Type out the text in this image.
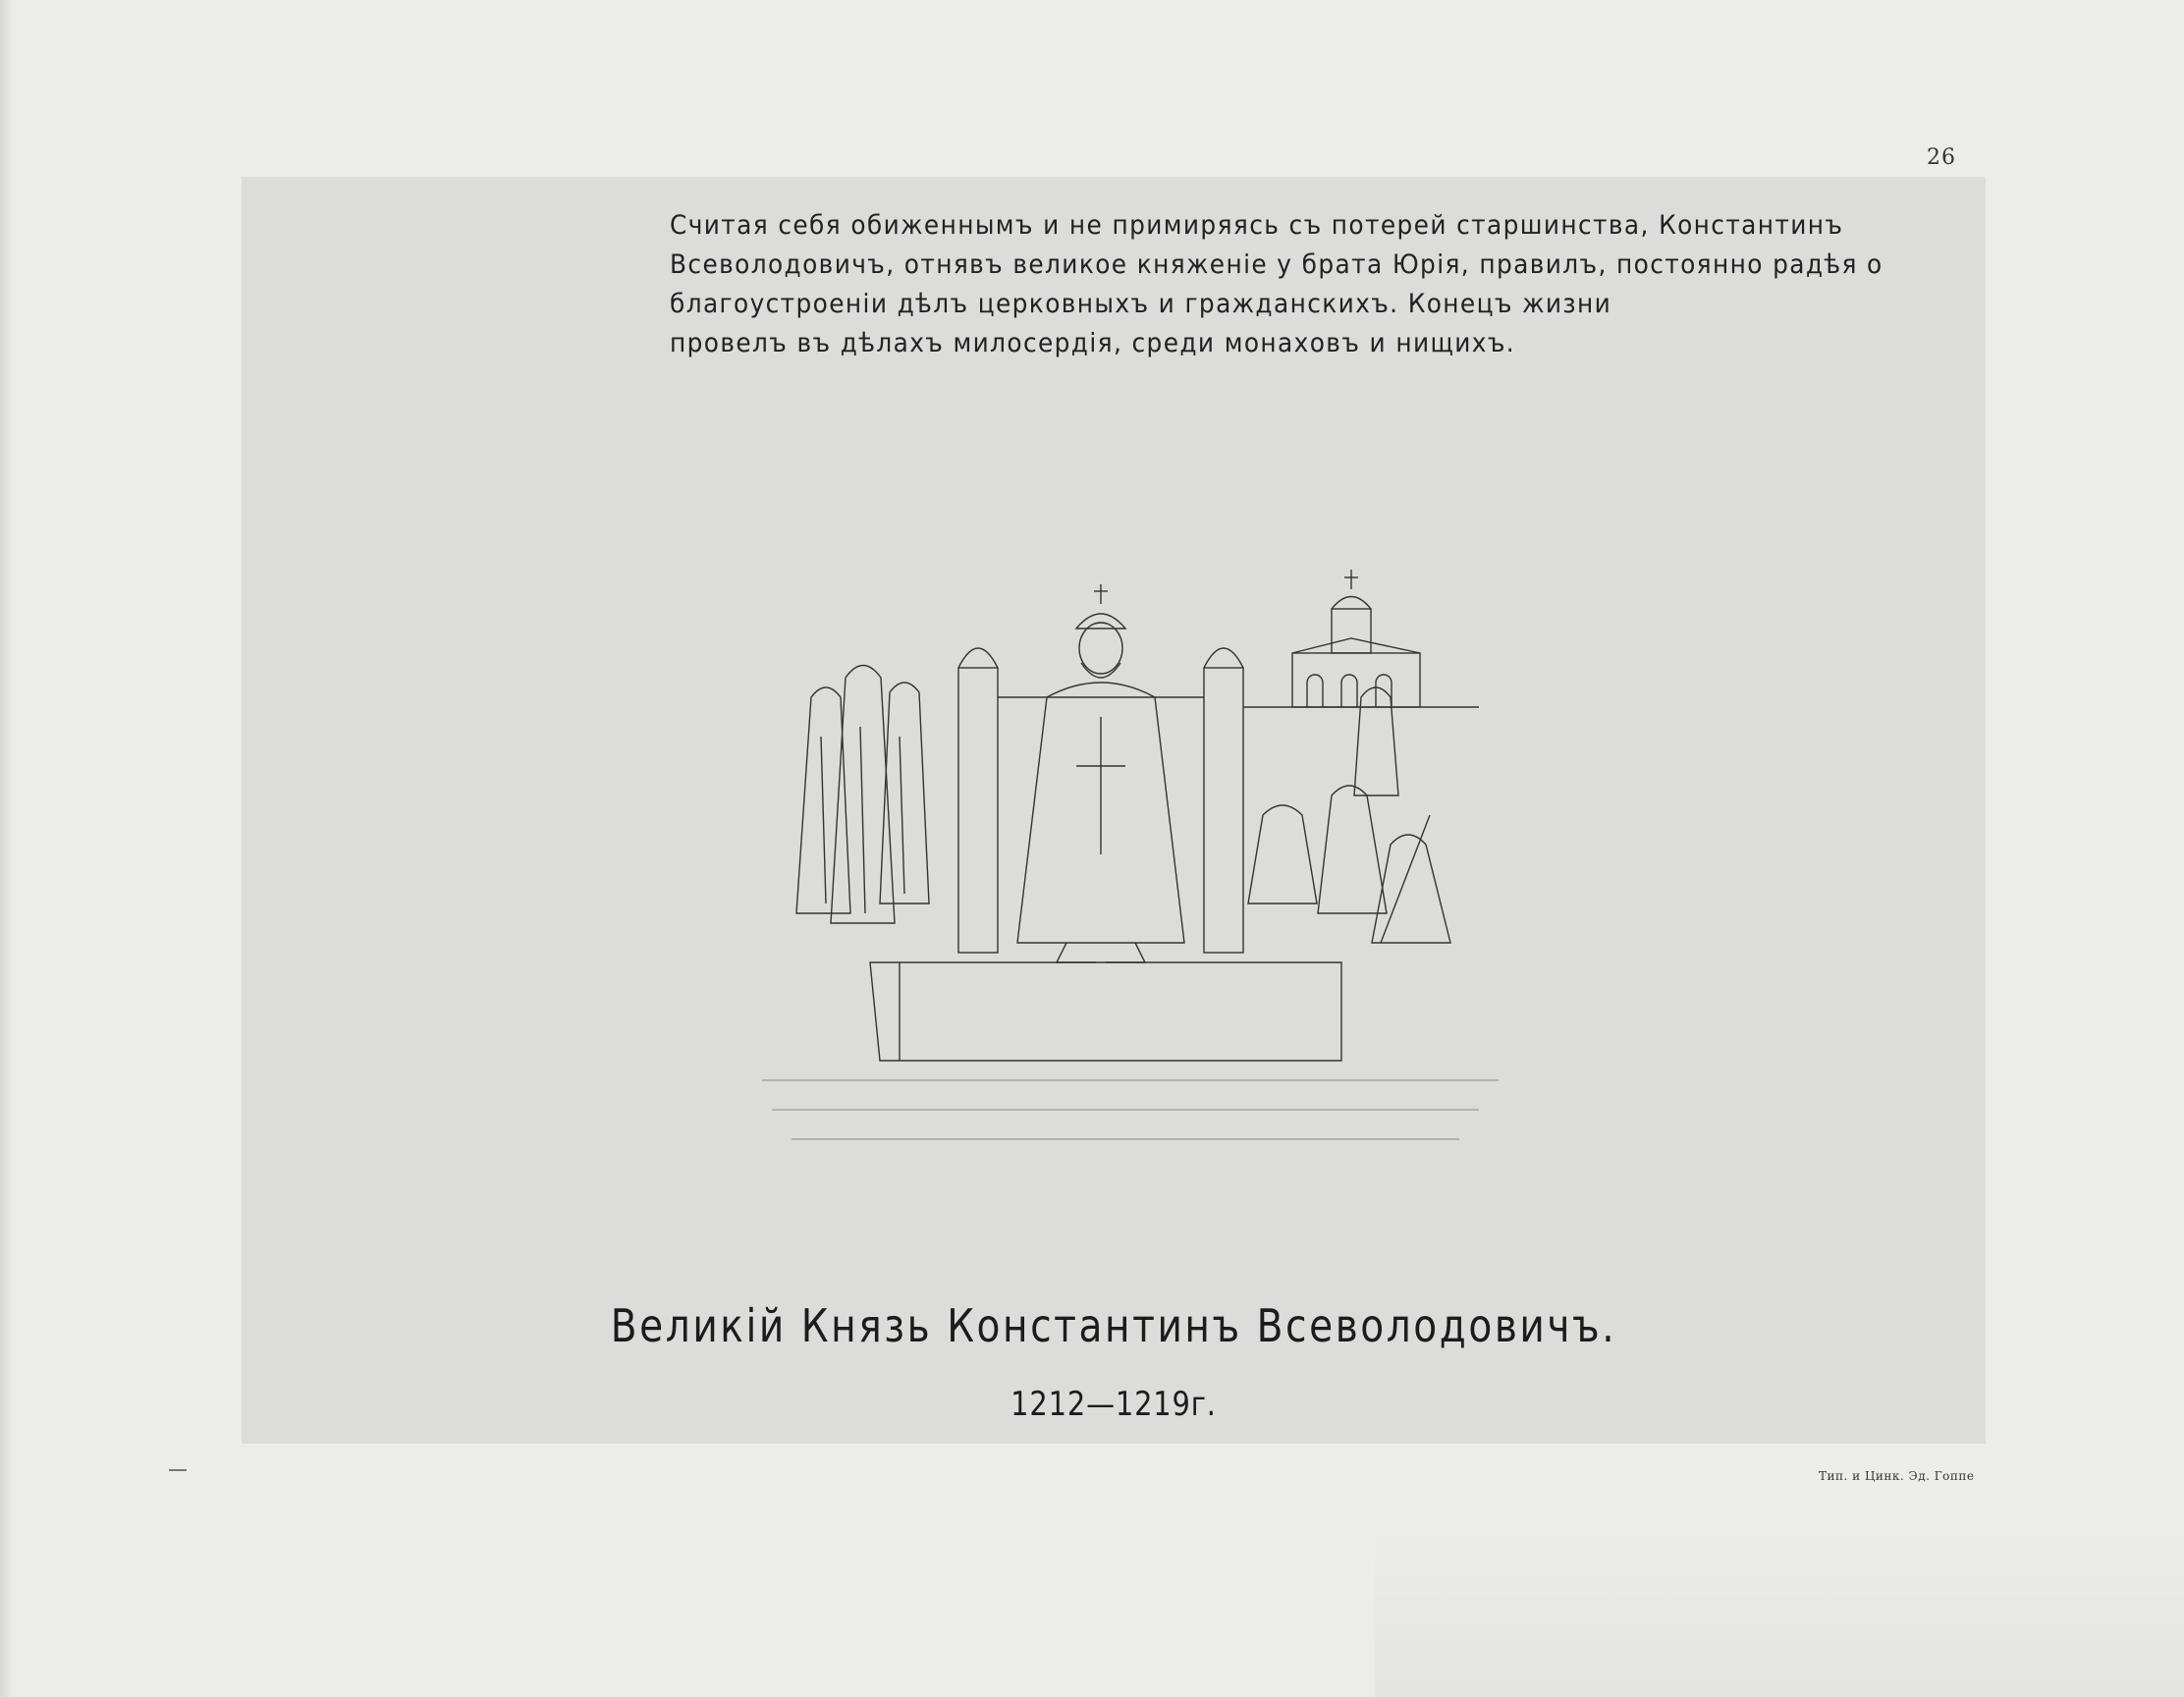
26
Считая себя обиженнымъ и не примиряясь съ потерей старшинства, Константинъ
Всеволодовичъ, отнявъ великое княженіе у брата Юрія, правилъ, постоянно радѣя о
благоустроеніи дѣлъ церковныхъ и гражданскихъ. Конецъ жизни
провелъ въ дѣлахъ милосердія, среди монаховъ и нищихъ.
Великій Князь Константинъ Всеволодовичъ.
1212—1219г.
Тип. и Цинк. Эд. Гоппе
